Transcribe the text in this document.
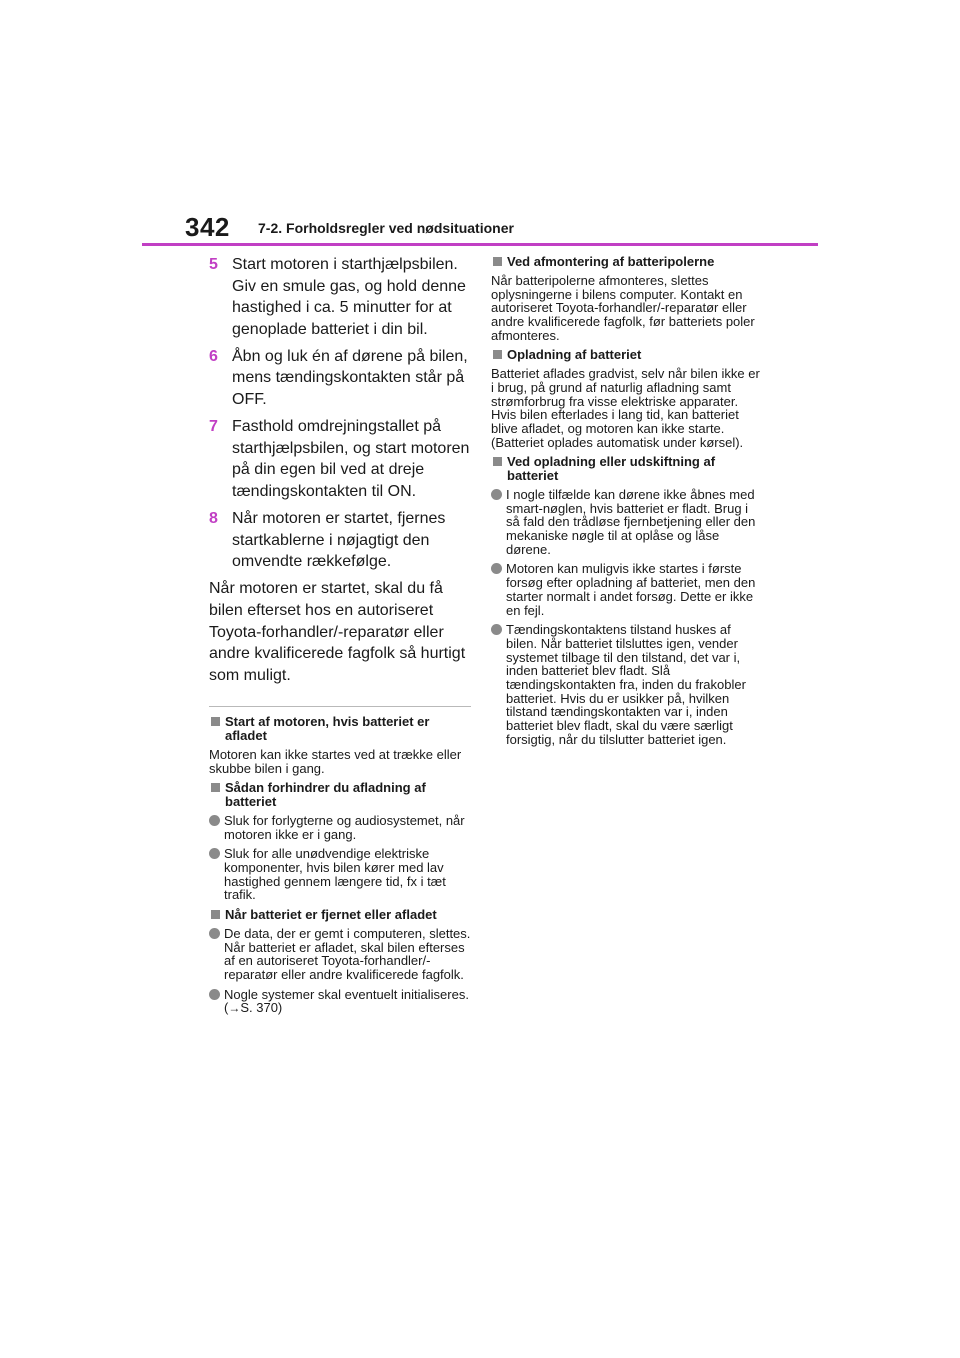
342 7-2. Forholdsregler ved nødsituationer
5 Start motoren i starthjælpsbilen. Giv en smule gas, og hold denne hastighed i ca. 5 minutter for at genoplade batteriet i din bil.
6 Åbn og luk én af dørene på bilen, mens tændingskontakten står på OFF.
7 Fasthold omdrejningstallet på starthjælpsbilen, og start motoren på din egen bil ved at dreje tændingskontakten til ON.
8 Når motoren er startet, fjernes startkablerne i nøjagtigt den omvendte rækkefølge.
Når motoren er startet, skal du få bilen efterset hos en autoriseret Toyota-forhandler/-reparatør eller andre kvalificerede fagfolk så hurtigt som muligt.
Start af motoren, hvis batteriet er afladet
Motoren kan ikke startes ved at trække eller skubbe bilen i gang.
Sådan forhindrer du afladning af batteriet
Sluk for forlygterne og audiosystemet, når motoren ikke er i gang.
Sluk for alle unødvendige elektriske komponenter, hvis bilen kører med lav hastighed gennem længere tid, fx i tæt trafik.
Når batteriet er fjernet eller afladet
De data, der er gemt i computeren, slettes. Når batteriet er afladet, skal bilen efterses af en autoriseret Toyota-forhandler/-reparatør eller andre kvalificerede fagfolk.
Nogle systemer skal eventuelt initialiseres. (→S. 370)
Ved afmontering af batteripolerne
Når batteripolerne afmonteres, slettes oplysningerne i bilens computer. Kontakt en autoriseret Toyota-forhandler/-reparatør eller andre kvalificerede fagfolk, før batteriets poler afmonteres.
Opladning af batteriet
Batteriet aflades gradvist, selv når bilen ikke er i brug, på grund af naturlig afladning samt strømforbrug fra visse elektriske apparater. Hvis bilen efterlades i lang tid, kan batteriet blive afladet, og motoren kan ikke starte. (Batteriet oplades automatisk under kørsel).
Ved opladning eller udskiftning af batteriet
I nogle tilfælde kan dørene ikke åbnes med smart-nøglen, hvis batteriet er fladt. Brug i så fald den trådløse fjernbetjening eller den mekaniske nøgle til at oplåse og låse dørene.
Motoren kan muligvis ikke startes i første forsøg efter opladning af batteriet, men den starter normalt i andet forsøg. Dette er ikke en fejl.
Tændingskontaktens tilstand huskes af bilen. Når batteriet tilsluttes igen, vender systemet tilbage til den tilstand, det var i, inden batteriet blev fladt. Slå tændingskontakten fra, inden du frakobler batteriet. Hvis du er usikker på, hvilken tilstand tændingskontakten var i, inden batteriet blev fladt, skal du være særligt forsigtig, når du tilslutter batteriet igen.
